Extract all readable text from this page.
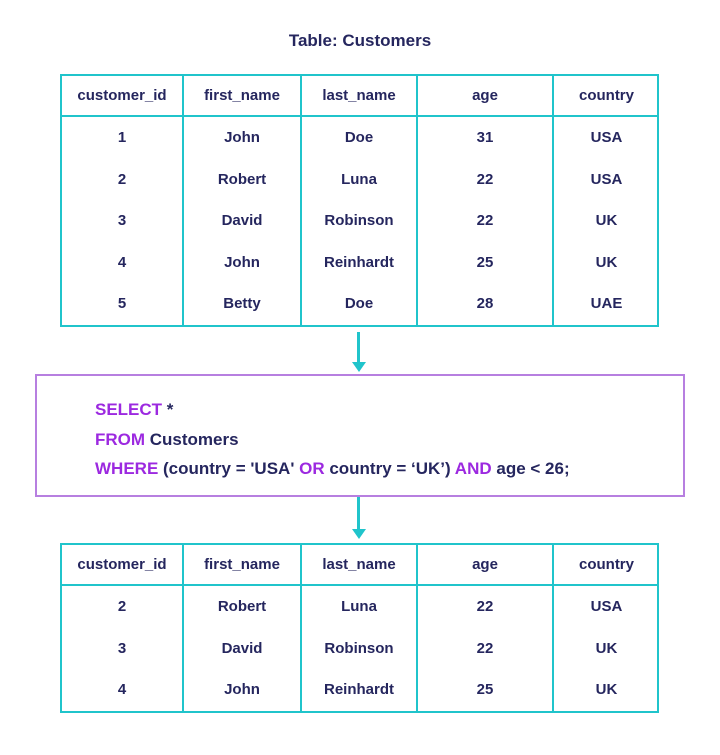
Table: Customers
customer_id	first_name	last_name	age	country
1	John	Doe	31	USA
2	Robert	Luna	22	USA
3	David	Robinson	22	UK
4	John	Reinhardt	25	UK
5	Betty	Doe	28	UAE
SELECT *
FROM Customers
WHERE (country = 'USA' OR country = ‘UK’) AND age < 26;
customer_id	first_name	last_name	age	country
2	Robert	Luna	22	USA
3	David	Robinson	22	UK
4	John	Reinhardt	25	UK
